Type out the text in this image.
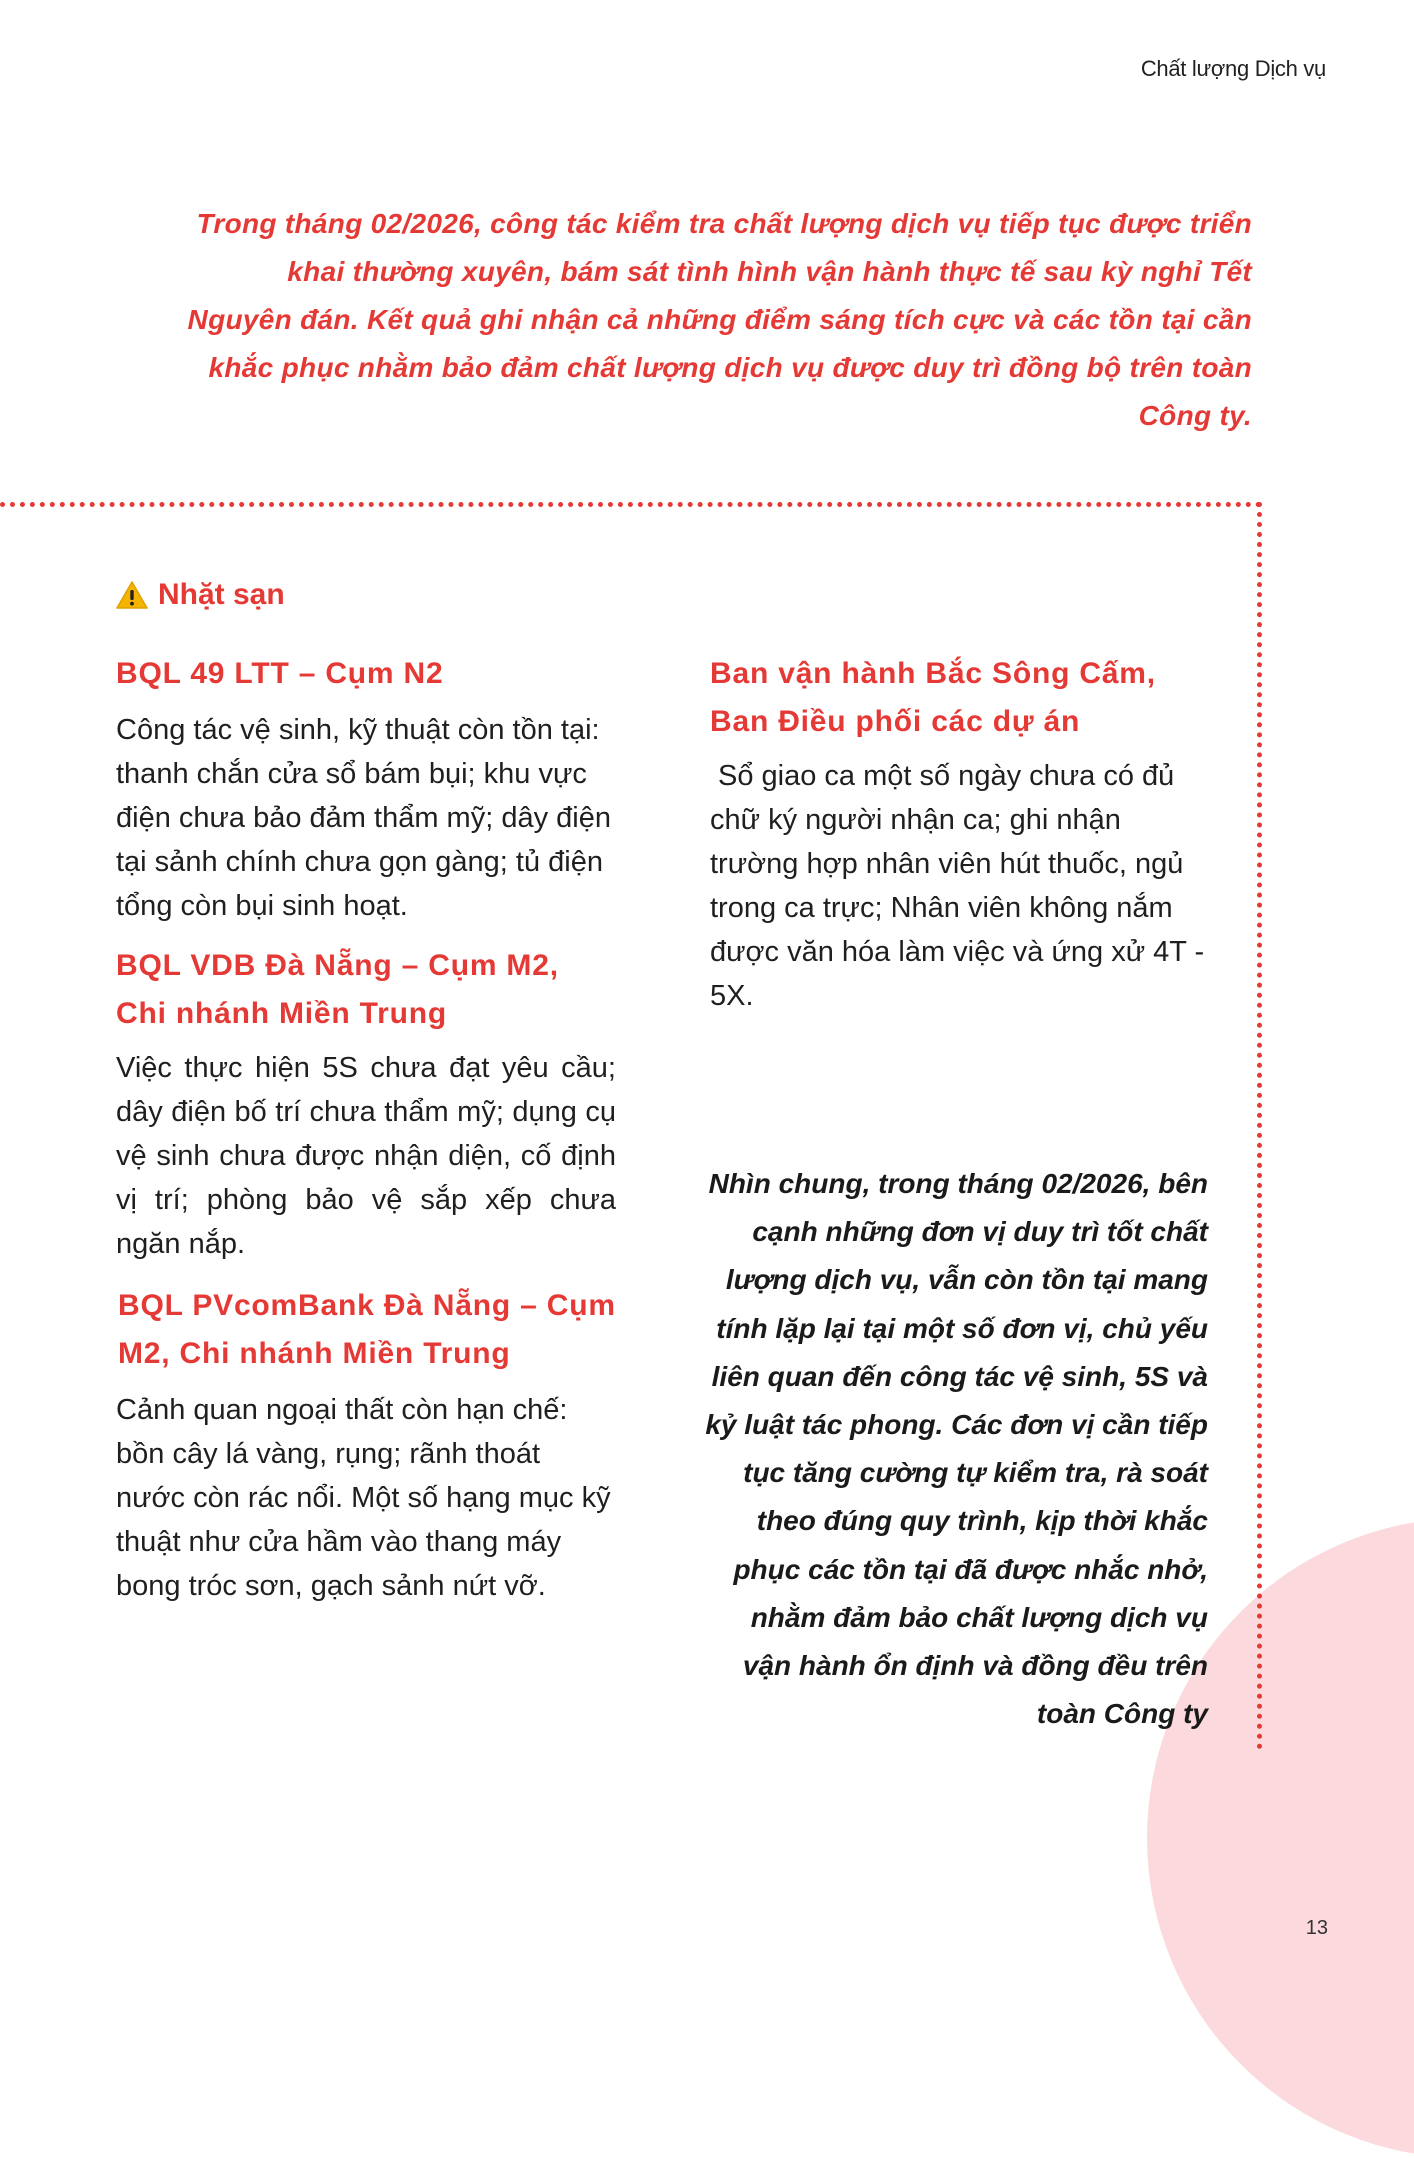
Chất lượng Dịch vụ
Trong tháng 02/2026, công tác kiểm tra chất lượng dịch vụ tiếp tục được triển khai thường xuyên, bám sát tình hình vận hành thực tế sau kỳ nghỉ Tết Nguyên đán. Kết quả ghi nhận cả những điểm sáng tích cực và các tồn tại cần khắc phục nhằm bảo đảm chất lượng dịch vụ được duy trì đồng bộ trên toàn Công ty.
Nhặt sạn
BQL 49 LTT – Cụm N2

Công tác vệ sinh, kỹ thuật còn tồn tại: thanh chắn cửa sổ bám bụi; khu vực điện chưa bảo đảm thẩm mỹ; dây điện tại sảnh chính chưa gọn gàng; tủ điện tổng còn bụi sinh hoạt.

BQL VDB Đà Nẵng – Cụm M2, Chi nhánh Miền Trung

Việc thực hiện 5S chưa đạt yêu cầu; dây điện bố trí chưa thẩm mỹ; dụng cụ vệ sinh chưa được nhận diện, cố định vị trí; phòng bảo vệ sắp xếp chưa ngăn nắp.

BQL PVcomBank Đà Nẵng – Cụm M2, Chi nhánh Miền Trung

Cảnh quan ngoại thất còn hạn chế: bồn cây lá vàng, rụng; rãnh thoát nước còn rác nổi. Một số hạng mục kỹ thuật như cửa hầm vào thang máy bong tróc sơn, gạch sảnh nứt vỡ.

Ban vận hành Bắc Sông Cấm, Ban Điều phối các dự án

Sổ giao ca một số ngày chưa có đủ chữ ký người nhận ca; ghi nhận trường hợp nhân viên hút thuốc, ngủ trong ca trực; Nhân viên không nắm được văn hóa làm việc và ứng xử 4T - 5X.

Nhìn chung, trong tháng 02/2026, bên cạnh những đơn vị duy trì tốt chất lượng dịch vụ, vẫn còn tồn tại mang tính lặp lại tại một số đơn vị, chủ yếu liên quan đến công tác vệ sinh, 5S và kỷ luật tác phong. Các đơn vị cần tiếp tục tăng cường tự kiểm tra, rà soát theo đúng quy trình, kịp thời khắc phục các tồn tại đã được nhắc nhở, nhằm đảm bảo chất lượng dịch vụ vận hành ổn định và đồng đều trên toàn Công ty
13
